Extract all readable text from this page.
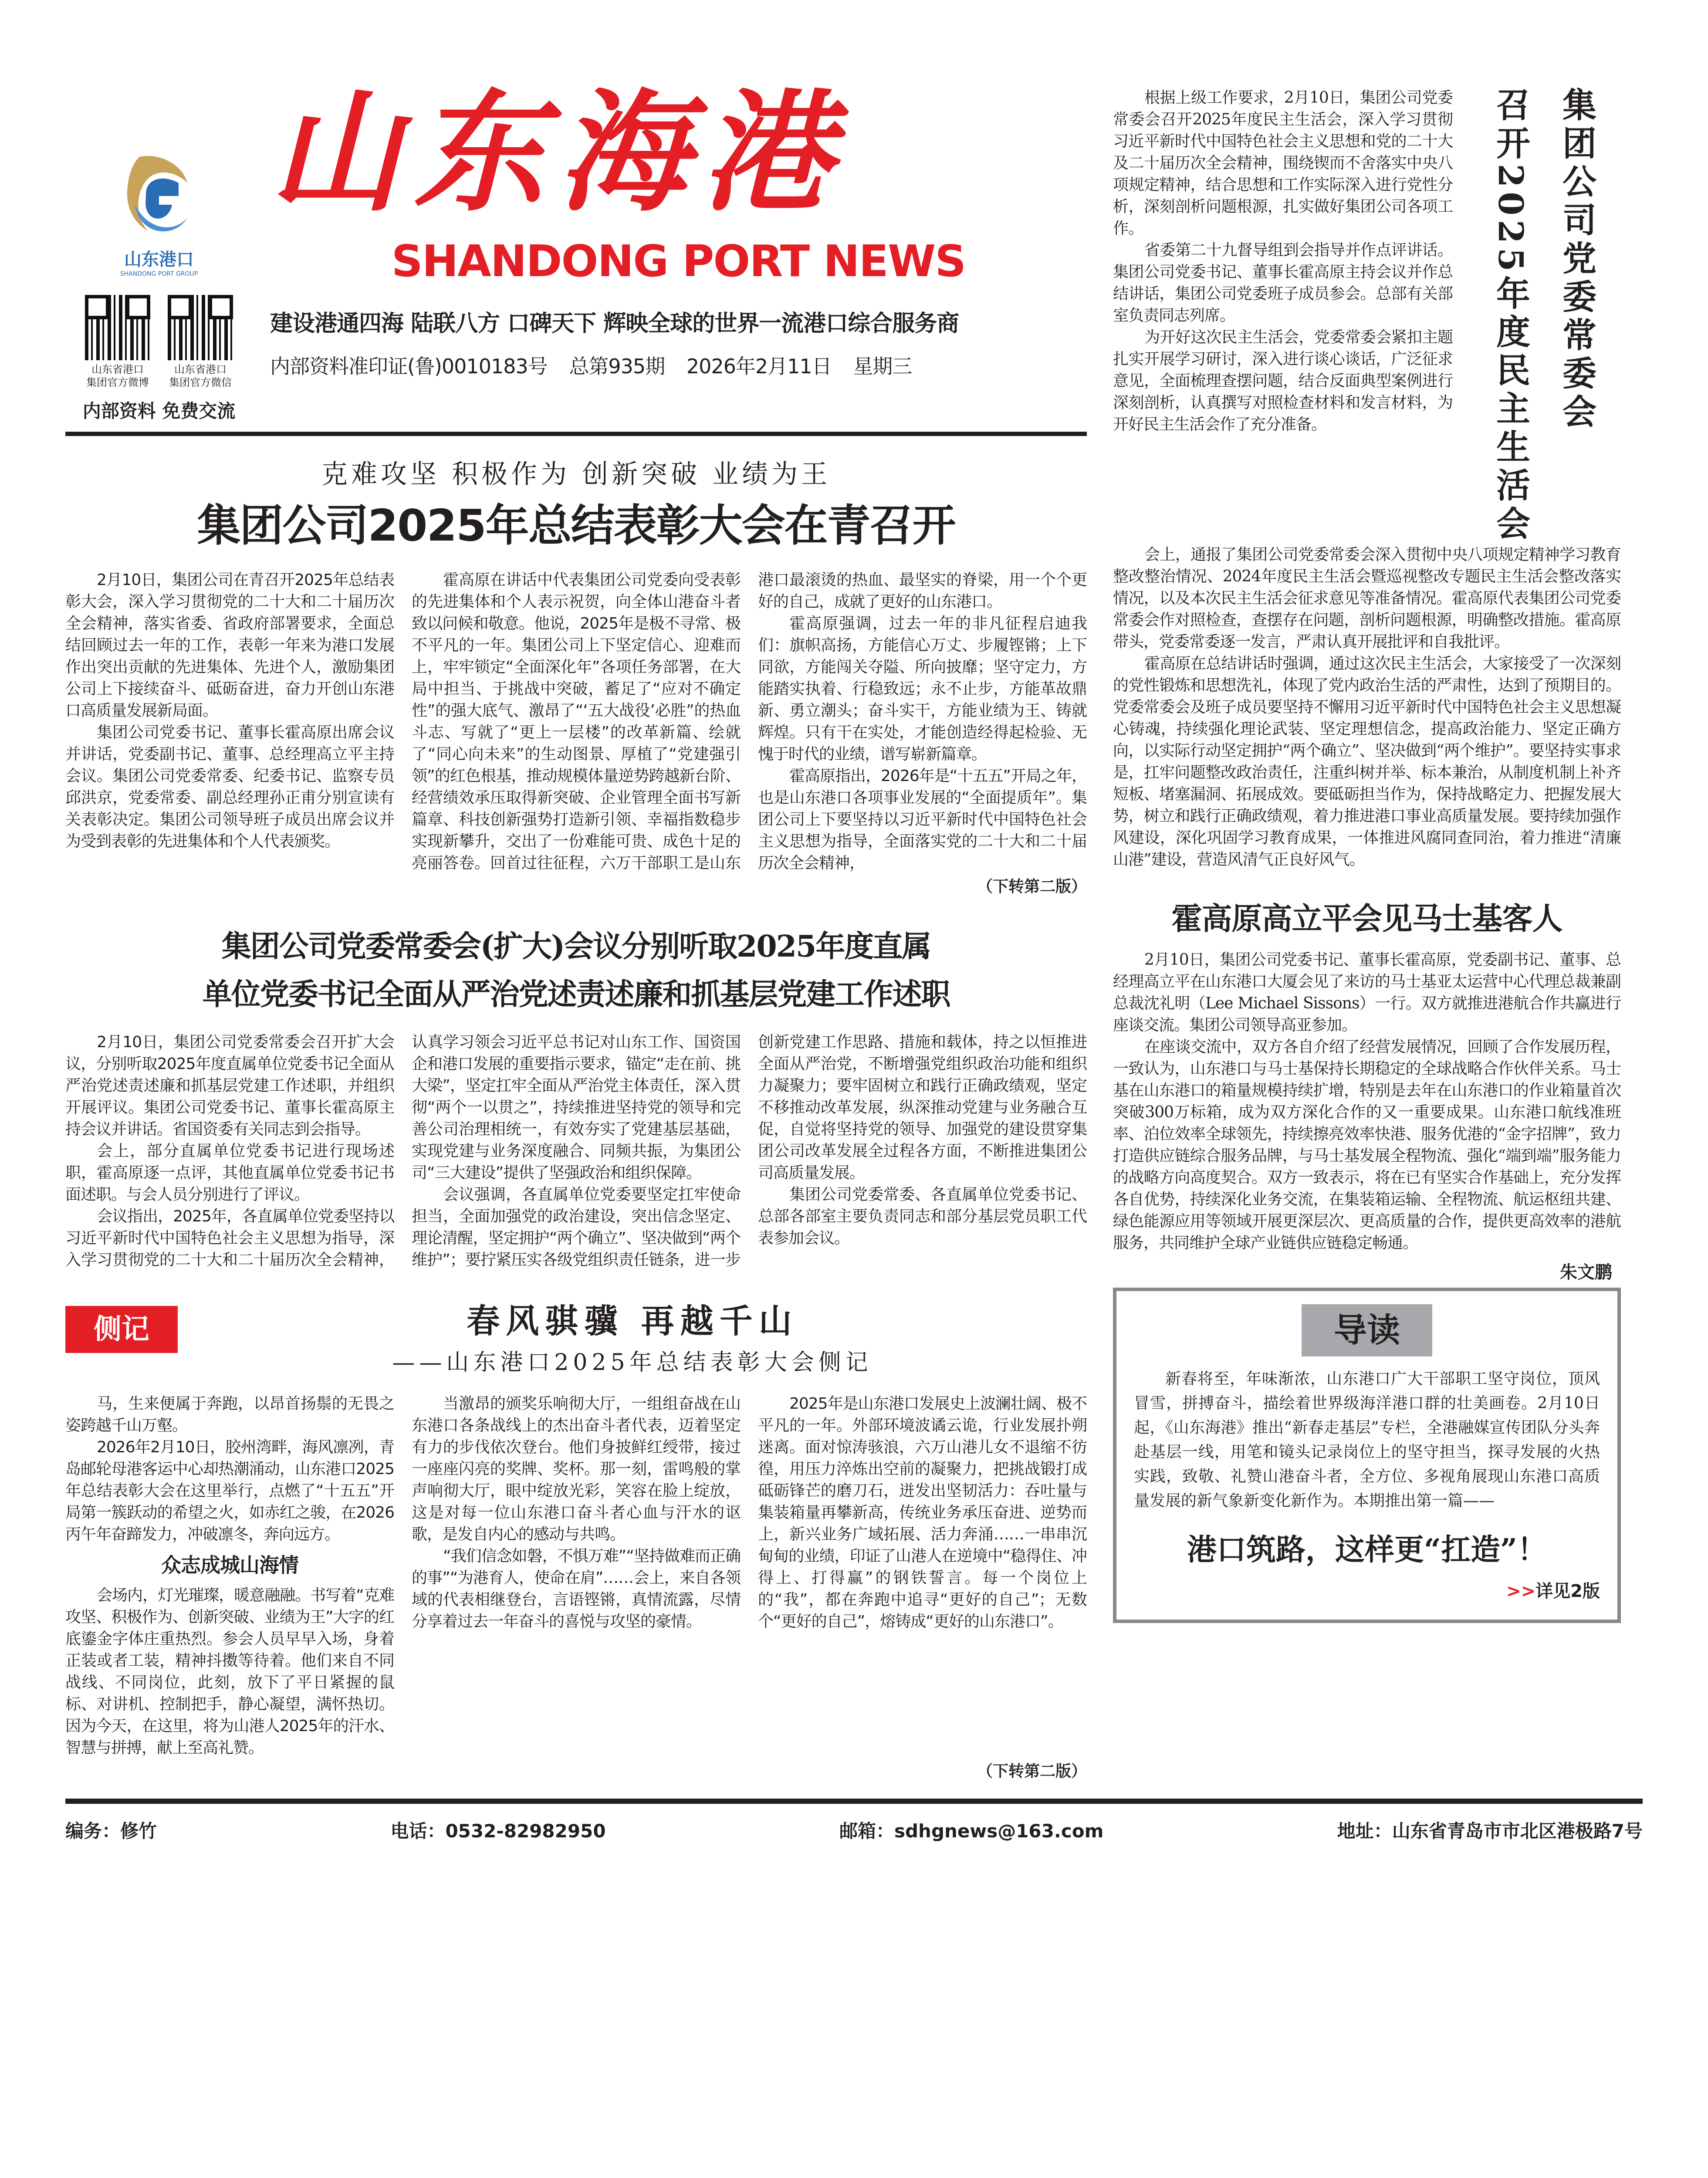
山东港口
SHANDONG PORT GROUP
山东省港口
集团官方微博
山东省港口
集团官方微信
内部资料 免费交流
山东海港
SHANDONG PORT NEWS
建设港通四海 陆联八方 口碑天下 辉映全球的世界一流港口综合服务商
内部资料准印证(鲁)0010183号 总第935期 2026年2月11日 星期三
克难攻坚 积极作为 创新突破 业绩为王
集团公司2025年总结表彰大会在青召开

2月10日，集团公司在青召开2025年总结表彰大会，深入学习贯彻党的二十大和二十届历次全会精神，落实省委、省政府部署要求，全面总结回顾过去一年的工作，表彰一年来为港口发展作出突出贡献的先进集体、先进个人，激励集团公司上下接续奋斗、砥砺奋进，奋力开创山东港口高质量发展新局面。

集团公司党委书记、董事长霍高原出席会议并讲话，党委副书记、董事、总经理高立平主持会议。集团公司党委常委、纪委书记、监察专员邱洪京，党委常委、副总经理孙正甫分别宣读有关表彰决定。集团公司领导班子成员出席会议并为受到表彰的先进集体和个人代表颁奖。

霍高原在讲话中代表集团公司党委向受表彰的先进集体和个人表示祝贺，向全体山港奋斗者致以问候和敬意。他说，2025年是极不寻常、极不平凡的一年。集团公司上下坚定信心、迎难而上，牢牢锁定“全面深化年”各项任务部署，在大局中担当、于挑战中突破，蓄足了“应对不确定性”的强大底气、激昂了“‘五大战役’必胜”的热血斗志、写就了“更上一层楼”的改革新篇、绘就了“同心向未来”的生动图景、厚植了“党建强引领”的红色根基，推动规模体量逆势跨越新台阶、经营绩效承压取得新突破、企业管理全面书写新篇章、科技创新强势打造新引领、幸福指数稳步实现新攀升，交出了一份难能可贵、成色十足的亮丽答卷。回首过往征程，六万干部职工是山东港口最滚烫的热血、最坚实的脊梁，用一个个更好的自己，成就了更好的山东港口。

霍高原强调，过去一年的非凡征程启迪我们：旗帜高扬，方能信心万丈、步履铿锵；上下同欲，方能闯关夺隘、所向披靡；坚守定力，方能踏实执着、行稳致远；永不止步，方能革故鼎新、勇立潮头；奋斗实干，方能业绩为王、铸就辉煌。只有干在实处，才能创造经得起检验、无愧于时代的业绩，谱写崭新篇章。

霍高原指出，2026年是“十五五”开局之年，也是山东港口各项事业发展的“全面提质年”。集团公司上下要坚持以习近平新时代中国特色社会主义思想为指导，全面落实党的二十大和二十届历次全会精神，

（下转第二版）
集团公司党委常委会(扩大)会议分别听取2025年度直属
单位党委书记全面从严治党述责述廉和抓基层党建工作述职

2月10日，集团公司党委常委会召开扩大会议，分别听取2025年度直属单位党委书记全面从严治党述责述廉和抓基层党建工作述职，并组织开展评议。集团公司党委书记、董事长霍高原主持会议并讲话。省国资委有关同志到会指导。

会上，部分直属单位党委书记进行现场述职，霍高原逐一点评，其他直属单位党委书记书面述职。与会人员分别进行了评议。

会议指出，2025年，各直属单位党委坚持以习近平新时代中国特色社会主义思想为指导，深入学习贯彻党的二十大和二十届历次全会精神，认真学习领会习近平总书记对山东工作、国资国企和港口发展的重要指示要求，锚定“走在前、挑大梁”，坚定扛牢全面从严治党主体责任，深入贯彻“两个一以贯之”，持续推进坚持党的领导和完善公司治理相统一，有效夯实了党建基层基础，实现党建与业务深度融合、同频共振，为集团公司“三大建设”提供了坚强政治和组织保障。

会议强调，各直属单位党委要坚定扛牢使命担当，全面加强党的政治建设，突出信念坚定、理论清醒，坚定拥护“两个确立”、坚决做到“两个维护”；要拧紧压实各级党组织责任链条，进一步创新党建工作思路、措施和载体，持之以恒推进全面从严治党，不断增强党组织政治功能和组织力凝聚力；要牢固树立和践行正确政绩观，坚定不移推动改革发展，纵深推动党建与业务融合互促，自觉将坚持党的领导、加强党的建设贯穿集团公司改革发展全过程各方面，不断推进集团公司高质量发展。

集团公司党委常委、各直属单位党委书记、总部各部室主要负责同志和部分基层党员职工代表参加会议。

侧记	春风骐骥 再越千山
——山东港口2025年总结表彰大会侧记

马，生来便属于奔跑，以昂首扬鬃的无畏之姿跨越千山万壑。

2026年2月10日，胶州湾畔，海风凛冽，青岛邮轮母港客运中心却热潮涌动，山东港口2025年总结表彰大会在这里举行，点燃了“十五五”开局第一簇跃动的希望之火，如赤红之骏，在2026丙午年奋蹄发力，冲破凛冬，奔向远方。

众志成城山海情

会场内，灯光璀璨，暖意融融。书写着“克难攻坚、积极作为、创新突破、业绩为王”大字的红底鎏金字体庄重热烈。参会人员早早入场，身着正装或者工装，精神抖擞等待着。他们来自不同战线、不同岗位，此刻，放下了平日紧握的鼠标、对讲机、控制把手，静心凝望，满怀热切。因为今天，在这里，将为山港人2025年的汗水、智慧与拼搏，献上至高礼赞。

当激昂的颁奖乐响彻大厅，一组组奋战在山东港口各条战线上的杰出奋斗者代表，迈着坚定有力的步伐依次登台。他们身披鲜红绶带，接过一座座闪亮的奖牌、奖杯。那一刻，雷鸣般的掌声响彻大厅，眼中绽放光彩，笑容在脸上绽放，这是对每一位山东港口奋斗者心血与汗水的讴歌，是发自内心的感动与共鸣。

“我们信念如磐，不惧万难”“坚持做难而正确的事”“为港育人，使命在肩”……会上，来自各领域的代表相继登台，言语铿锵，真情流露，尽情分享着过去一年奋斗的喜悦与攻坚的豪情。

2025年是山东港口发展史上波澜壮阔、极不平凡的一年。外部环境波谲云诡，行业发展扑朔迷离。面对惊涛骇浪，六万山港儿女不退缩不彷徨，用压力淬炼出空前的凝聚力，把挑战锻打成砥砺锋芒的磨刀石，迸发出坚韧活力：吞吐量与集装箱量再攀新高，传统业务承压奋进、逆势而上，新兴业务广域拓展、活力奔涌……一串串沉甸甸的业绩，印证了山港人在逆境中“稳得住、冲得上、打得赢”的钢铁誓言。每一个岗位上的“我”，都在奔跑中追寻“更好的自己”；无数个“更好的自己”，熔铸成“更好的山东港口”。

（下转第二版）

根据上级工作要求，2月10日，集团公司党委常委会召开2025年度民主生活会，深入学习贯彻习近平新时代中国特色社会主义思想和党的二十大及二十届历次全会精神，围绕锲而不舍落实中央八项规定精神，结合思想和工作实际深入进行党性分析，深刻剖析问题根源，扎实做好集团公司各项工作。

省委第二十九督导组到会指导并作点评讲话。集团公司党委书记、董事长霍高原主持会议并作总结讲话，集团公司党委班子成员参会。总部有关部室负责同志列席。

为开好这次民主生活会，党委常委会紧扣主题扎实开展学习研讨，深入进行谈心谈话，广泛征求意见，全面梳理查摆问题，结合反面典型案例进行深刻剖析，认真撰写对照检查材料和发言材料，为开好民主生活会作了充分准备。	集团公司党委常委会
召开2025年度民主生活会

会上，通报了集团公司党委常委会深入贯彻中央八项规定精神学习教育整改整治情况、2024年度民主生活会暨巡视整改专题民主生活会整改落实情况，以及本次民主生活会征求意见等准备情况。霍高原代表集团公司党委常委会作对照检查，查摆存在问题，剖析问题根源，明确整改措施。霍高原带头，党委常委逐一发言，严肃认真开展批评和自我批评。

霍高原在总结讲话时强调，通过这次民主生活会，大家接受了一次深刻的党性锻炼和思想洗礼，体现了党内政治生活的严肃性，达到了预期目的。党委常委会及班子成员要坚持不懈用习近平新时代中国特色社会主义思想凝心铸魂，持续强化理论武装、坚定理想信念，提高政治能力、坚定正确方向，以实际行动坚定拥护“两个确立”、坚决做到“两个维护”。要坚持实事求是，扛牢问题整改政治责任，注重纠树并举、标本兼治，从制度机制上补齐短板、堵塞漏洞、拓展成效。要砥砺担当作为，保持战略定力、把握发展大势，树立和践行正确政绩观，着力推进港口事业高质量发展。要持续加强作风建设，深化巩固学习教育成果，一体推进风腐同查同治，着力推进“清廉山港”建设，营造风清气正良好风气。

霍高原高立平会见马士基客人

2月10日，集团公司党委书记、董事长霍高原，党委副书记、董事、总经理高立平在山东港口大厦会见了来访的马士基亚太运营中心代理总裁兼副总裁沈礼明（Lee Michael Sissons）一行。双方就推进港航合作共赢进行座谈交流。集团公司领导高亚参加。

在座谈交流中，双方各自介绍了经营发展情况，回顾了合作发展历程，一致认为，山东港口与马士基保持长期稳定的全球战略合作伙伴关系。马士基在山东港口的箱量规模持续扩增，特别是去年在山东港口的作业箱量首次突破300万标箱，成为双方深化合作的又一重要成果。山东港口航线准班率、泊位效率全球领先，持续擦亮效率快港、服务优港的“金字招牌”，致力打造供应链综合服务品牌，与马士基发展全程物流、强化“端到端”服务能力的战略方向高度契合。双方一致表示，将在已有坚实合作基础上，充分发挥各自优势，持续深化业务交流，在集装箱运输、全程物流、航运枢纽共建、绿色能源应用等领域开展更深层次、更高质量的合作，提供更高效率的港航服务，共同维护全球产业链供应链稳定畅通。

朱文鹏
导读
新春将至，年味渐浓，山东港口广大干部职工坚守岗位，顶风冒雪，拼搏奋斗，描绘着世界级海洋港口群的壮美画卷。2月10日起，《山东海港》推出“新春走基层”专栏，全港融媒宣传团队分头奔赴基层一线，用笔和镜头记录岗位上的坚守担当，探寻发展的火热实践，致敬、礼赞山港奋斗者，全方位、多视角展现山东港口高质量发展的新气象新变化新作为。本期推出第一篇——
港口筑路，这样更“扛造”！
>>详见2版
编务：修竹	电话：0532-82982950	邮箱：sdhgnews@163.com	地址：山东省青岛市市北区港极路7号
